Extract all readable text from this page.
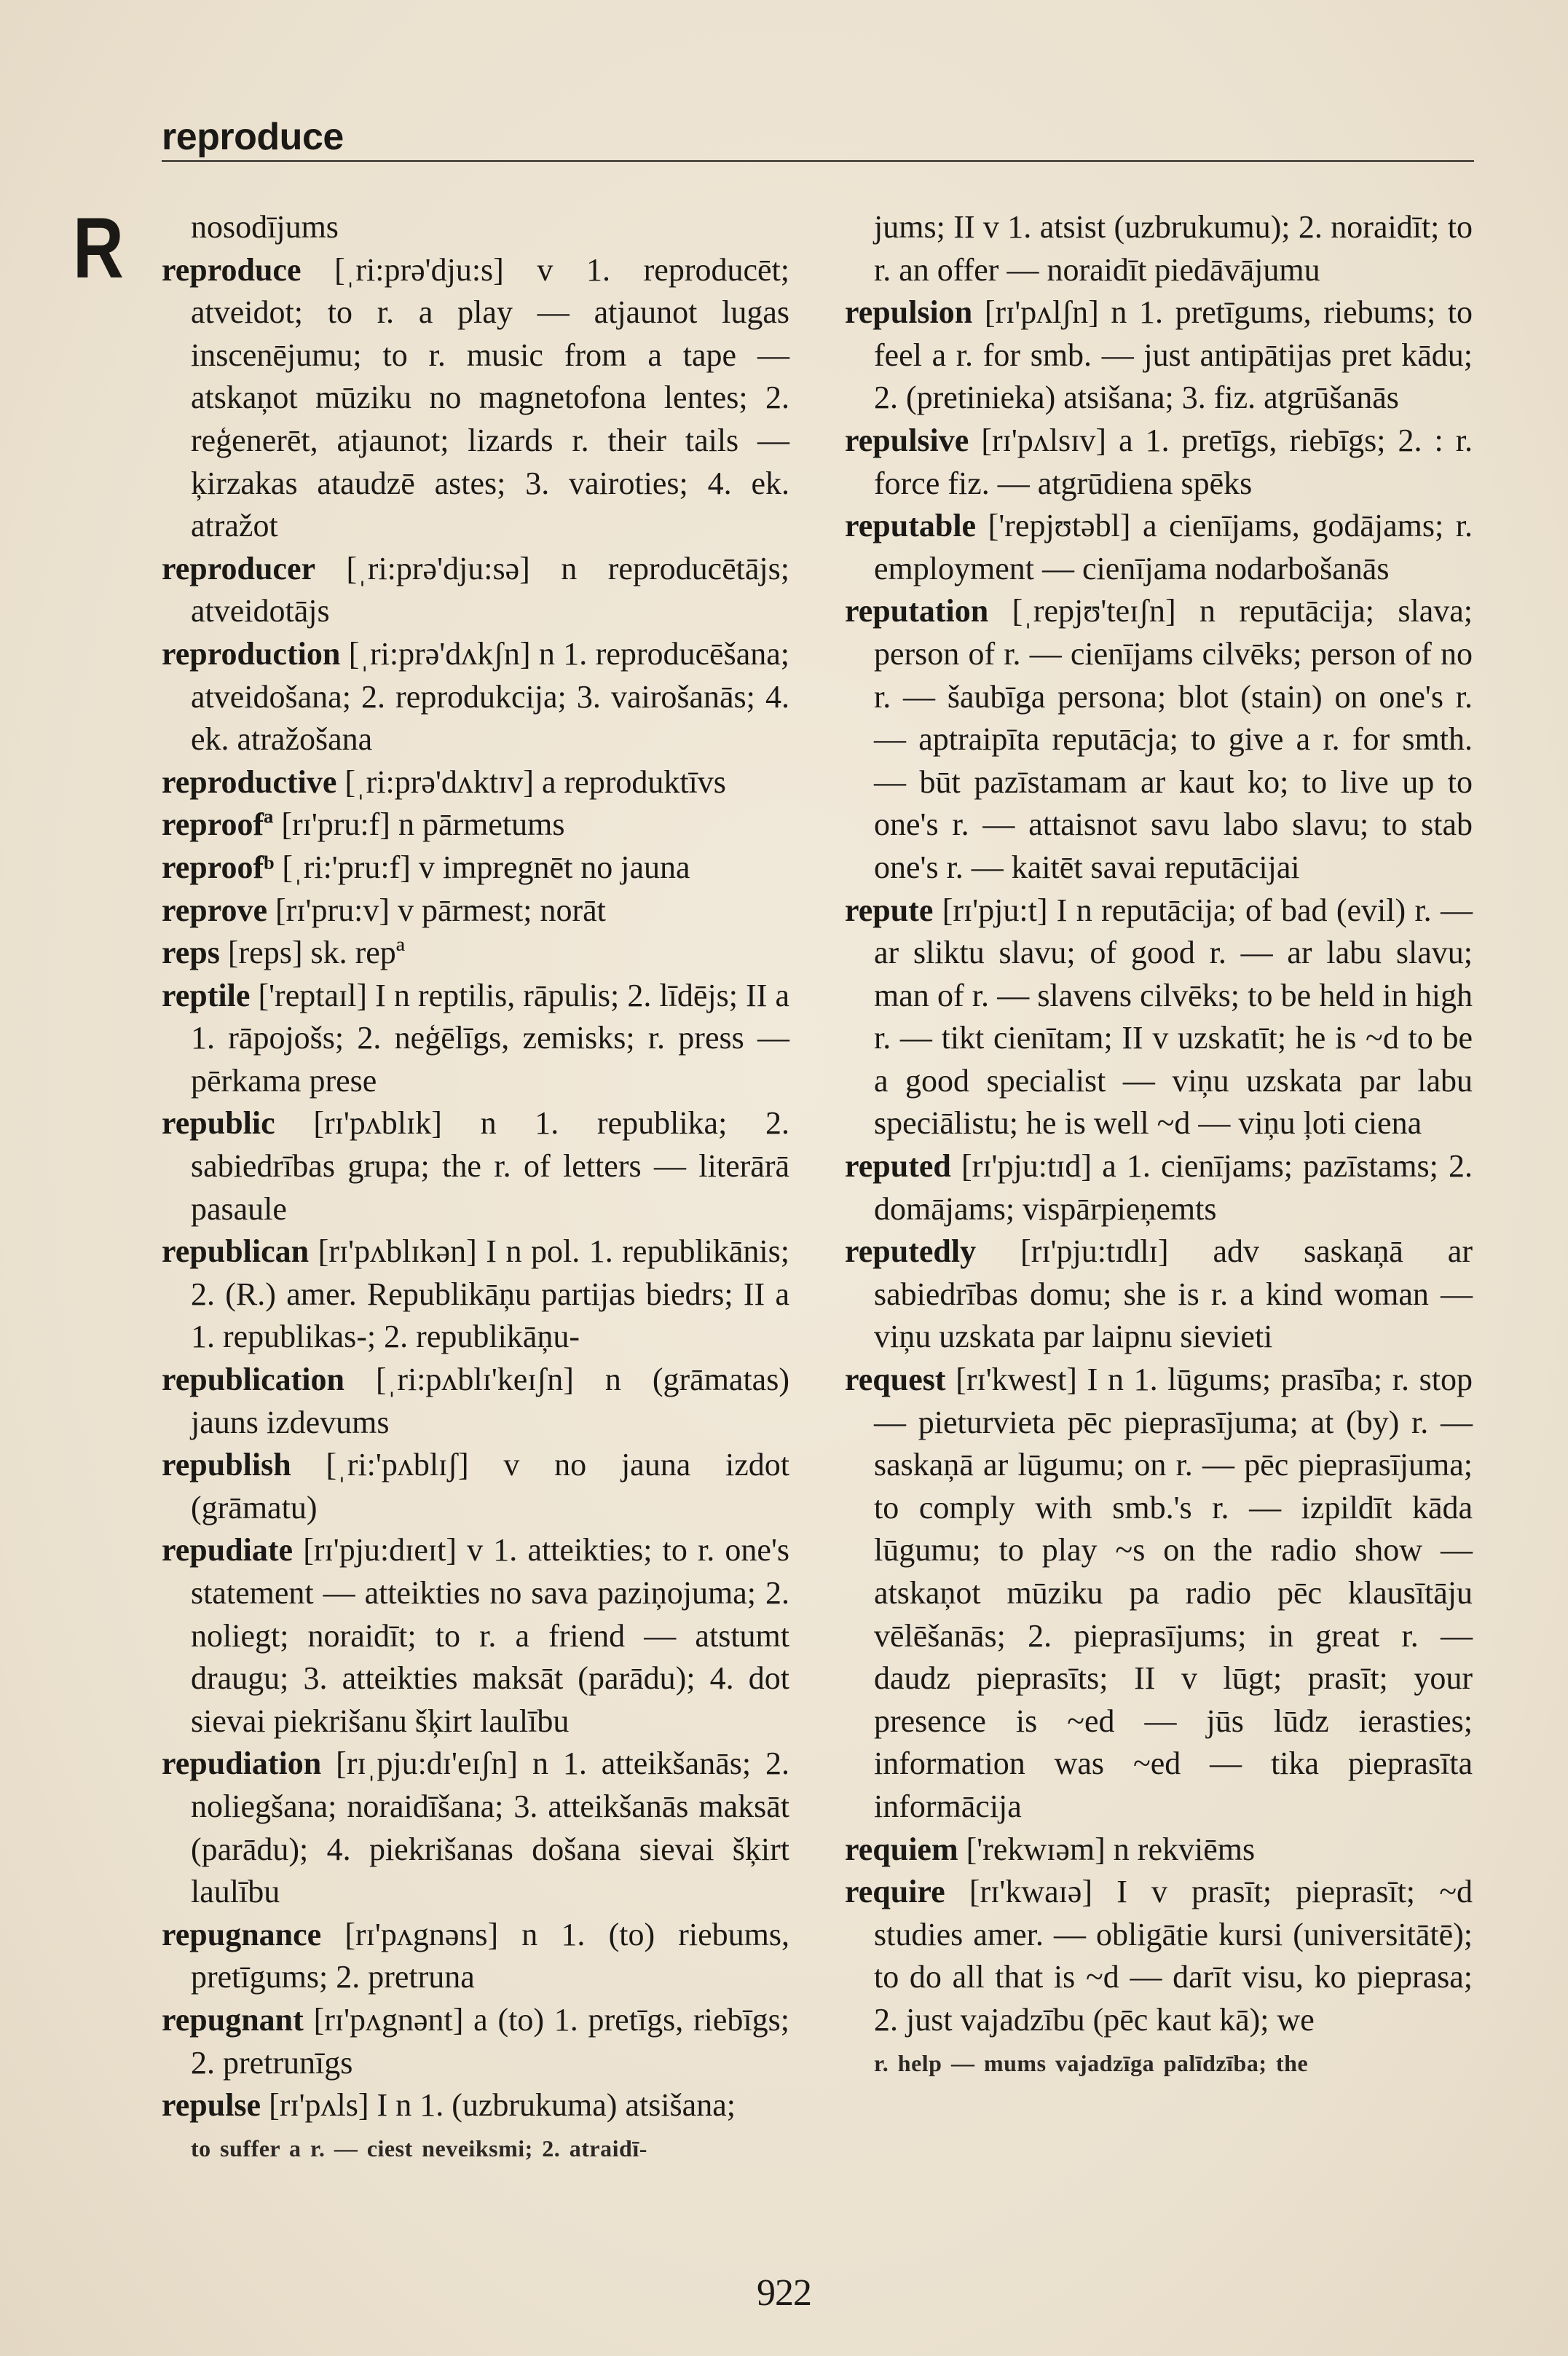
reproduce
R	nosodījums

reproduce [ˌri:prə'dju:s] v 1. reproducēt; atveidot; to r. a play — atjaunot lugas inscenējumu; to r. music from a tape — atskaņot mūziku no magnetofona lentes; 2. reģenerēt, atjaunot; lizards r. their tails — ķirzakas ataudzē astes; 3. vairoties; 4. ek. atražot

reproducer [ˌri:prə'dju:sə] n reproducētājs; atveidotājs

reproduction [ˌri:prə'dʌkʃn] n 1. reproducēšana; atveidošana; 2. reprodukcija; 3. vairošanās; 4. ek. atražošana

reproductive [ˌri:prə'dʌktɪv] a reproduktīvs

reproofª [rɪ'pru:f] n pārmetums

reproofᵇ [ˌri:'pru:f] v impregnēt no jauna

reprove [rɪ'pru:v] v pārmest; norāt

reps [reps] sk. repª

reptile ['reptaɪl] I n reptilis, rāpulis; 2. līdējs; II a 1. rāpojošs; 2. neģēlīgs, zemisks; r. press — pērkama prese

republic [rɪ'pʌblɪk] n 1. republika; 2. sabiedrības grupa; the r. of letters — literārā pasaule

republican [rɪ'pʌblɪkən] I n pol. 1. republikānis; 2. (R.) amer. Republikāņu partijas biedrs; II a 1. republikas-; 2. republikāņu-

republication [ˌri:pʌblɪ'keɪʃn] n (grāmatas) jauns izdevums

republish [ˌri:'pʌblɪʃ] v no jauna izdot (grāmatu)

repudiate [rɪ'pju:dɪeɪt] v 1. atteikties; to r. one's statement — atteikties no sava paziņojuma; 2. noliegt; noraidīt; to r. a friend — atstumt draugu; 3. atteikties maksāt (parādu); 4. dot sievai piekrišanu šķirt laulību

repudiation [rɪˌpju:dɪ'eɪʃn] n 1. atteikšanās; 2. noliegšana; noraidīšana; 3. atteikšanās maksāt (parādu); 4. piekrišanas došana sievai šķirt laulību

repugnance [rɪ'pʌgnəns] n 1. (to) riebums, pretīgums; 2. pretruna

repugnant [rɪ'pʌgnənt] a (to) 1. pretīgs, riebīgs; 2. pretrunīgs

repulse [rɪ'pʌls] I n 1. (uzbrukuma) atsišana;

to suffer a r. — ciest neveiksmi; 2. atraidī-

jums; II v 1. atsist (uzbrukumu); 2. noraidīt; to r. an offer — noraidīt piedāvājumu

repulsion [rɪ'pʌlʃn] n 1. pretīgums, riebums; to feel a r. for smb. — just antipātijas pret kādu; 2. (pretinieka) atsišana; 3. fiz. atgrūšanās

repulsive [rɪ'pʌlsɪv] a 1. pretīgs, riebīgs; 2. : r. force fiz. — atgrūdiena spēks

reputable ['repjʊtəbl] a cienījams, godājams; r. employment — cienījama nodarbošanās

reputation [ˌrepjʊ'teɪʃn] n reputācija; slava; person of r. — cienījams cilvēks; person of no r. — šaubīga persona; blot (stain) on one's r. — aptraipīta reputācja; to give a r. for smth. — būt pazīstamam ar kaut ko; to live up to one's r. — attaisnot savu labo slavu; to stab one's r. — kaitēt savai reputācijai

repute [rɪ'pju:t] I n reputācija; of bad (evil) r. — ar sliktu slavu; of good r. — ar labu slavu; man of r. — slavens cilvēks; to be held in high r. — tikt cienītam; II v uzskatīt; he is ~d to be a good specialist — viņu uzskata par labu speciālistu; he is well ~d — viņu ļoti ciena

reputed [rɪ'pju:tɪd] a 1. cienījams; pazīstams; 2. domājams; vispārpieņemts

reputedly [rɪ'pju:tɪdlɪ] adv saskaņā ar sabiedrības domu; she is r. a kind woman — viņu uzskata par laipnu sievieti

request [rɪ'kwest] I n 1. lūgums; prasība; r. stop — pieturvieta pēc pieprasījuma; at (by) r. — saskaņā ar lūgumu; on r. — pēc pieprasījuma; to comply with smb.'s r. — izpildīt kāda lūgumu; to play ~s on the radio show — atskaņot mūziku pa radio pēc klausītāju vēlēšanās; 2. pieprasījums; in great r. — daudz pieprasīts; II v lūgt; prasīt; your presence is ~ed — jūs lūdz ierasties; information was ~ed — tika pieprasīta informācija

requiem ['rekwɪəm] n rekviēms

require [rɪ'kwaɪə] I v prasīt; pieprasīt; ~d studies amer. — obligātie kursi (universitātē); to do all that is ~d — darīt visu, ko pieprasa; 2. just vajadzību (pēc kaut kā); we

r. help — mums vajadzīga palīdzība; the
922
